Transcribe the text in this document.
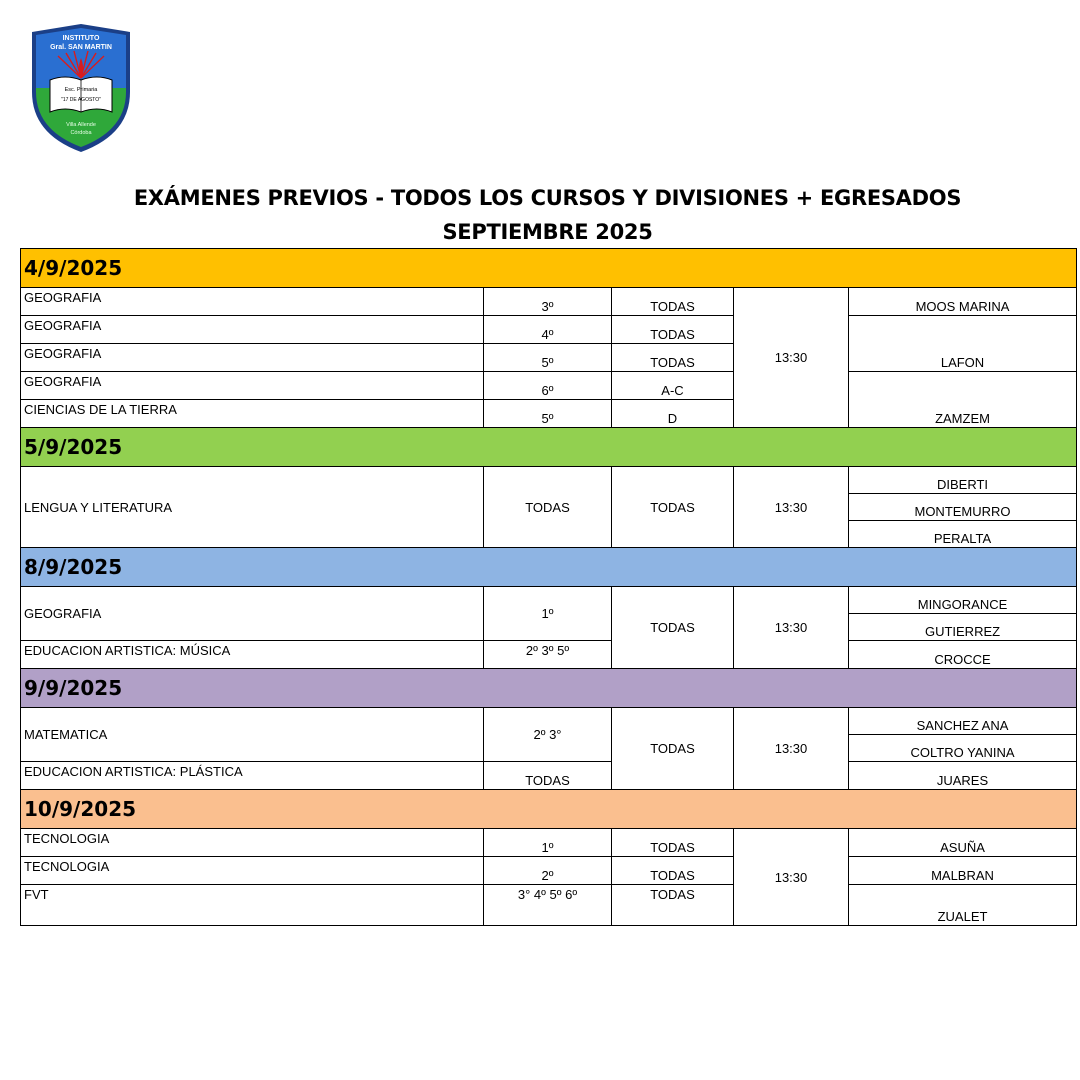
INSTITUTO
Gral. SAN MARTIN
Esc. Primaria
"17 DE AGOSTO"
Villa Allende
Córdoba
EXÁMENES PREVIOS - TODOS LOS CURSOS Y DIVISIONES + EGRESADOS
SEPTIEMBRE 2025
4/9/2025				
GEOGRAFIA	3º	TODAS	13:30	MOOS MARINA
GEOGRAFIA	4º	TODAS		LAFON
GEOGRAFIA	5º	TODAS		
GEOGRAFIA	6º	A-C		ZAMZEM
CIENCIAS DE LA TIERRA	5º	D		
5/9/2025				
LENGUA Y LITERATURA	TODAS	TODAS	13:30	DIBERTI
				MONTEMURRO
				PERALTA
8/9/2025				
GEOGRAFIA	1º	TODAS	13:30	MINGORANCE
				GUTIERREZ
EDUCACION ARTISTICA: MÚSICA	2º 3º 5º			CROCCE
9/9/2025				
MATEMATICA	2º 3°	TODAS	13:30	SANCHEZ ANA
				COLTRO YANINA
EDUCACION ARTISTICA: PLÁSTICA	TODAS			JUARES
10/9/2025				
TECNOLOGIA	1º	TODAS	13:30	ASUÑA
TECNOLOGIA	2º	TODAS		MALBRAN
FVT	3° 4º 5º 6º	TODAS		ZUALET
